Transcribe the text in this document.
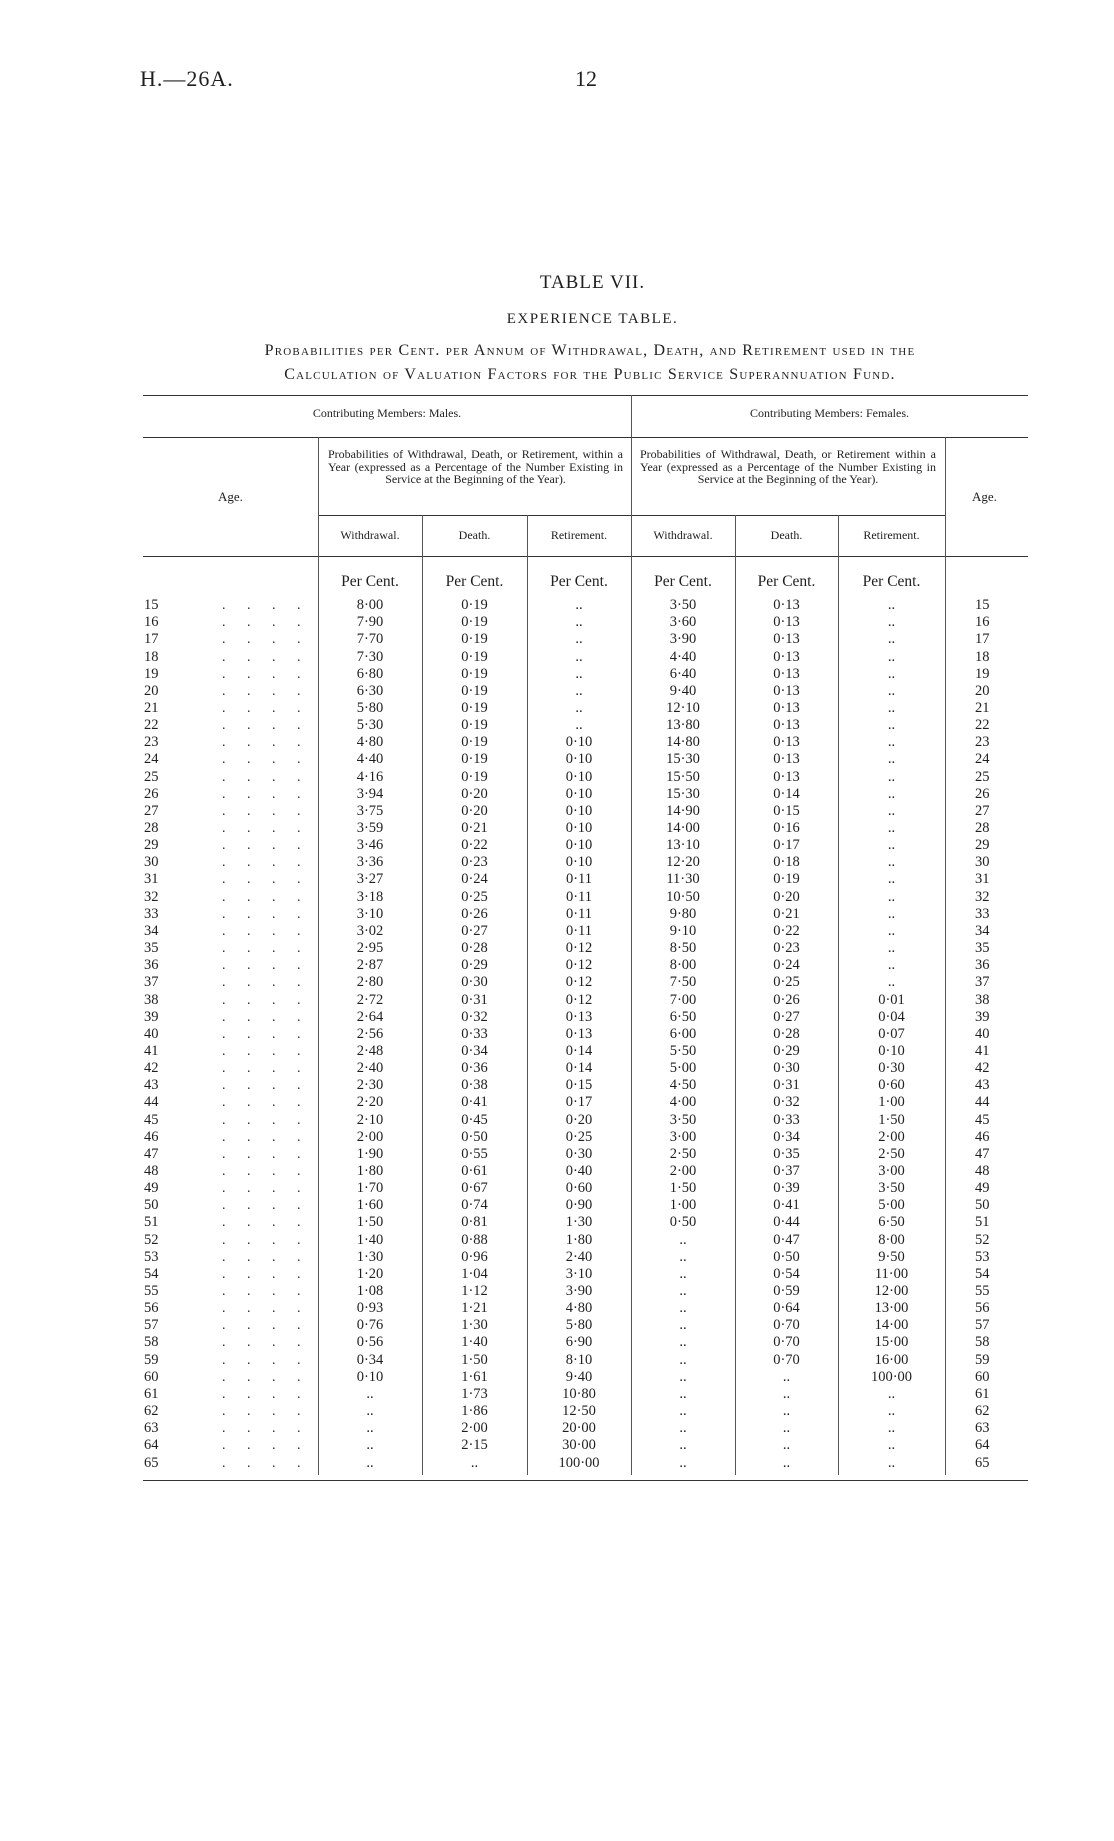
H.—26A.	12
TABLE VII.
EXPERIENCE TABLE.
Probabilities per Cent. per Annum of Withdrawal, Death, and Retirement used in the
Calculation of Valuation Factors for the Public Service Superannuation Fund.
Contributing Members: Males.	Contributing Members: Females.
Age.	Age.
Probabilities of Withdrawal, Death, or Retirement, within a Year (expressed as a Percentage of the Number Existing in Service at the Beginning of the Year).
Probabilities of Withdrawal, Death, or Retirement within a Year (expressed as a Percentage of the Number Existing in Service at the Beginning of the Year).
Withdrawal.	Death.	Retirement.	Withdrawal.	Death.	Retirement.
Per Cent.	Per Cent.	Per Cent.	Per Cent.	Per Cent.	Per Cent.
15	. . . .	8·00	0·19	..	3·50	0·13	..	15
16	. . . .	7·90	0·19	..	3·60	0·13	..	16
17	. . . .	7·70	0·19	..	3·90	0·13	..	17
18	. . . .	7·30	0·19	..	4·40	0·13	..	18
19	. . . .	6·80	0·19	..	6·40	0·13	..	19
20	. . . .	6·30	0·19	..	9·40	0·13	..	20
21	. . . .	5·80	0·19	..	12·10	0·13	..	21
22	. . . .	5·30	0·19	..	13·80	0·13	..	22
23	. . . .	4·80	0·19	0·10	14·80	0·13	..	23
24	. . . .	4·40	0·19	0·10	15·30	0·13	..	24
25	. . . .	4·16	0·19	0·10	15·50	0·13	..	25
26	. . . .	3·94	0·20	0·10	15·30	0·14	..	26
27	. . . .	3·75	0·20	0·10	14·90	0·15	..	27
28	. . . .	3·59	0·21	0·10	14·00	0·16	..	28
29	. . . .	3·46	0·22	0·10	13·10	0·17	..	29
30	. . . .	3·36	0·23	0·10	12·20	0·18	..	30
31	. . . .	3·27	0·24	0·11	11·30	0·19	..	31
32	. . . .	3·18	0·25	0·11	10·50	0·20	..	32
33	. . . .	3·10	0·26	0·11	9·80	0·21	..	33
34	. . . .	3·02	0·27	0·11	9·10	0·22	..	34
35	. . . .	2·95	0·28	0·12	8·50	0·23	..	35
36	. . . .	2·87	0·29	0·12	8·00	0·24	..	36
37	. . . .	2·80	0·30	0·12	7·50	0·25	..	37
38	. . . .	2·72	0·31	0·12	7·00	0·26	0·01	38
39	. . . .	2·64	0·32	0·13	6·50	0·27	0·04	39
40	. . . .	2·56	0·33	0·13	6·00	0·28	0·07	40
41	. . . .	2·48	0·34	0·14	5·50	0·29	0·10	41
42	. . . .	2·40	0·36	0·14	5·00	0·30	0·30	42
43	. . . .	2·30	0·38	0·15	4·50	0·31	0·60	43
44	. . . .	2·20	0·41	0·17	4·00	0·32	1·00	44
45	. . . .	2·10	0·45	0·20	3·50	0·33	1·50	45
46	. . . .	2·00	0·50	0·25	3·00	0·34	2·00	46
47	. . . .	1·90	0·55	0·30	2·50	0·35	2·50	47
48	. . . .	1·80	0·61	0·40	2·00	0·37	3·00	48
49	. . . .	1·70	0·67	0·60	1·50	0·39	3·50	49
50	. . . .	1·60	0·74	0·90	1·00	0·41	5·00	50
51	. . . .	1·50	0·81	1·30	0·50	0·44	6·50	51
52	. . . .	1·40	0·88	1·80	..	0·47	8·00	52
53	. . . .	1·30	0·96	2·40	..	0·50	9·50	53
54	. . . .	1·20	1·04	3·10	..	0·54	11·00	54
55	. . . .	1·08	1·12	3·90	..	0·59	12·00	55
56	. . . .	0·93	1·21	4·80	..	0·64	13·00	56
57	. . . .	0·76	1·30	5·80	..	0·70	14·00	57
58	. . . .	0·56	1·40	6·90	..	0·70	15·00	58
59	. . . .	0·34	1·50	8·10	..	0·70	16·00	59
60	. . . .	0·10	1·61	9·40	..	..	100·00	60
61	. . . .	..	1·73	10·80	..	..	..	61
62	. . . .	..	1·86	12·50	..	..	..	62
63	. . . .	..	2·00	20·00	..	..	..	63
64	. . . .	..	2·15	30·00	..	..	..	64
65	. . . .	..	..	100·00	..	..	..	65
